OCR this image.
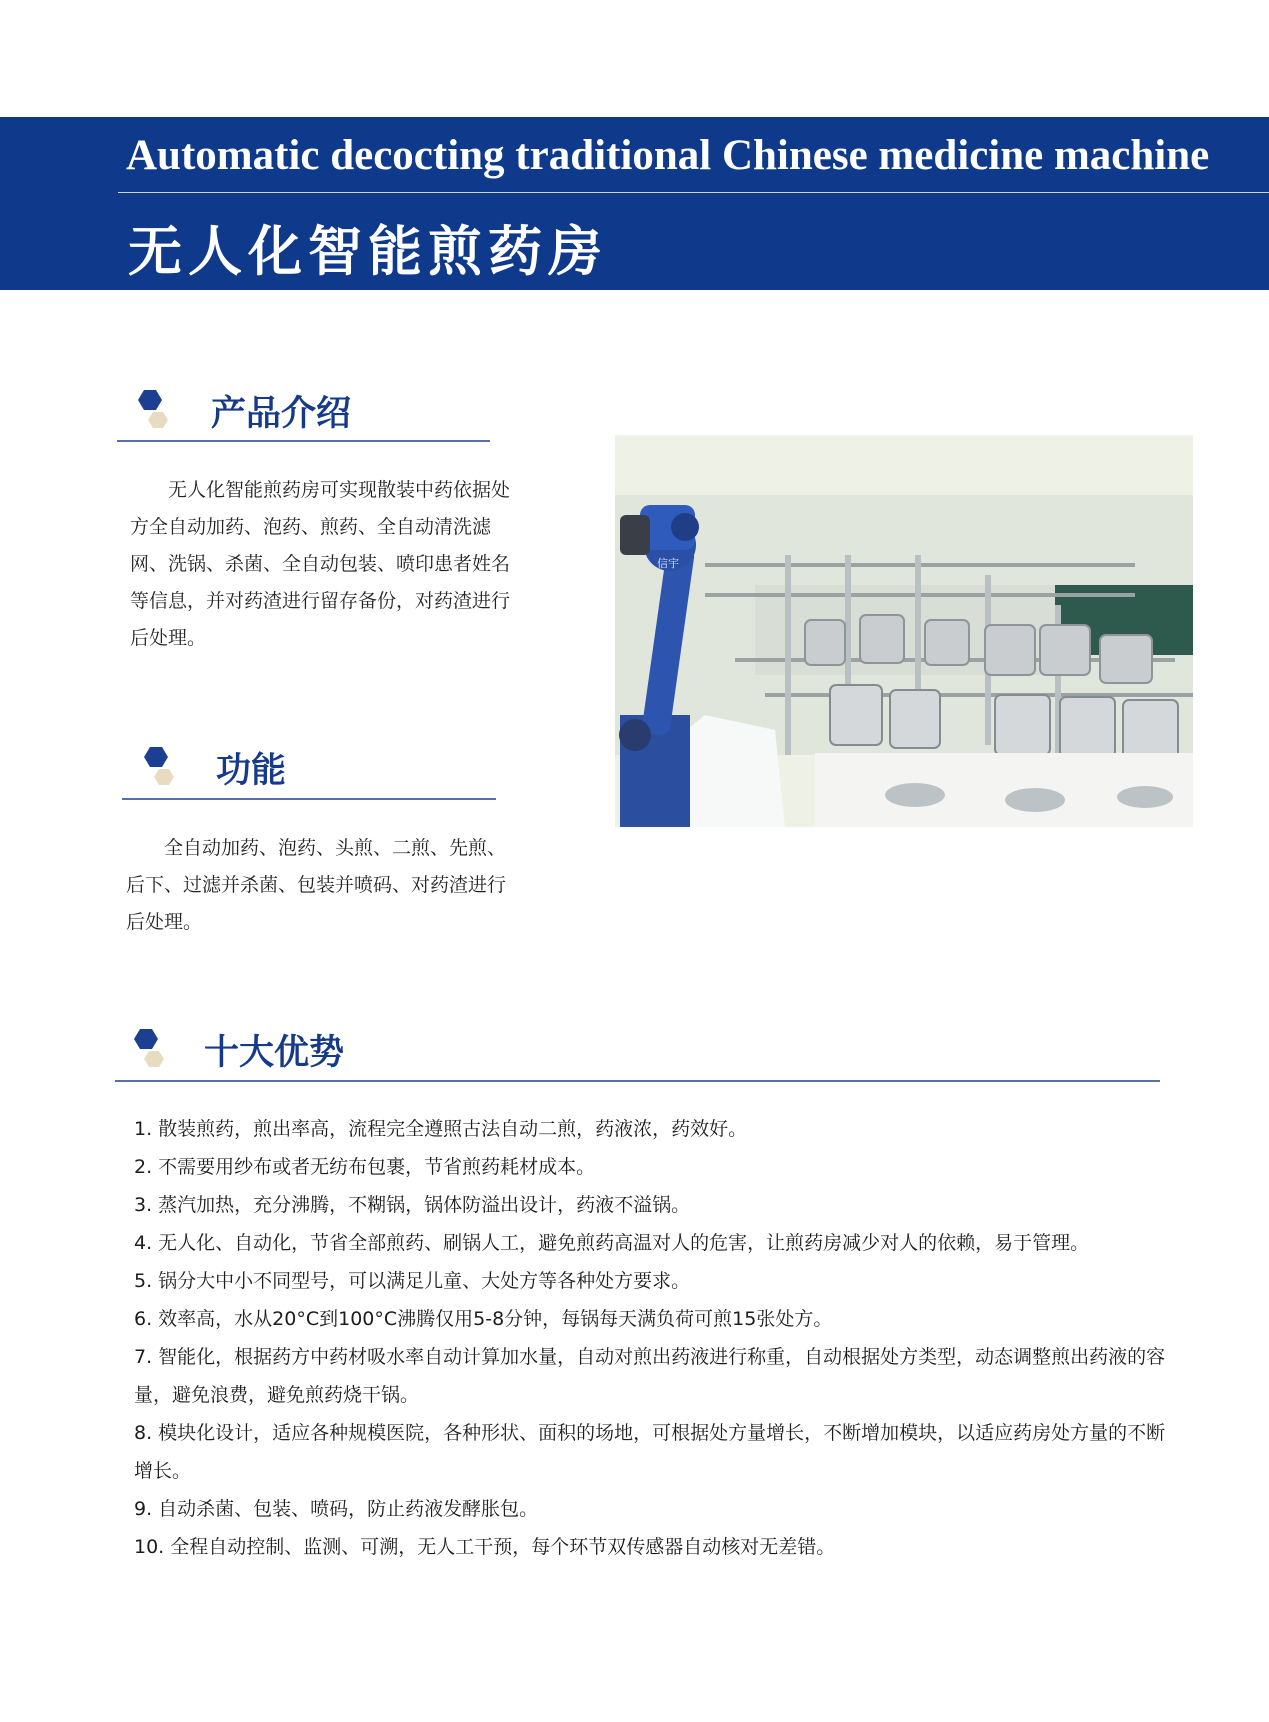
Automatic decocting traditional Chinese medicine machine
无人化智能煎药房
产品介绍

无人化智能煎药房可实现散装中药依据处方全自动加药、泡药、煎药、全自动清洗滤网、洗锅、杀菌、全自动包装、喷印患者姓名等信息，并对药渣进行留存备份，对药渣进行后处理。

功能

全自动加药、泡药、头煎、二煎、先煎、后下、过滤并杀菌、包装并喷码、对药渣进行后处理。

信宇
十大优势
1. 散装煎药，煎出率高，流程完全遵照古法自动二煎，药液浓，药效好。
2. 不需要用纱布或者无纺布包裹，节省煎药耗材成本。
3. 蒸汽加热，充分沸腾，不糊锅，锅体防溢出设计，药液不溢锅。
4. 无人化、自动化，节省全部煎药、刷锅人工，避免煎药高温对人的危害，让煎药房减少对人的依赖，易于管理。
5. 锅分大中小不同型号，可以满足儿童、大处方等各种处方要求。
6. 效率高，水从20°C到100°C沸腾仅用5-8分钟，每锅每天满负荷可煎15张处方。
7. 智能化，根据药方中药材吸水率自动计算加水量，自动对煎出药液进行称重，自动根据处方类型，动态调整煎出药液的容量，避免浪费，避免煎药烧干锅。
8. 模块化设计，适应各种规模医院，各种形状、面积的场地，可根据处方量增长，不断增加模块，以适应药房处方量的不断增长。
9. 自动杀菌、包装、喷码，防止药液发酵胀包。
10. 全程自动控制、监测、可溯，无人工干预，每个环节双传感器自动核对无差错。
